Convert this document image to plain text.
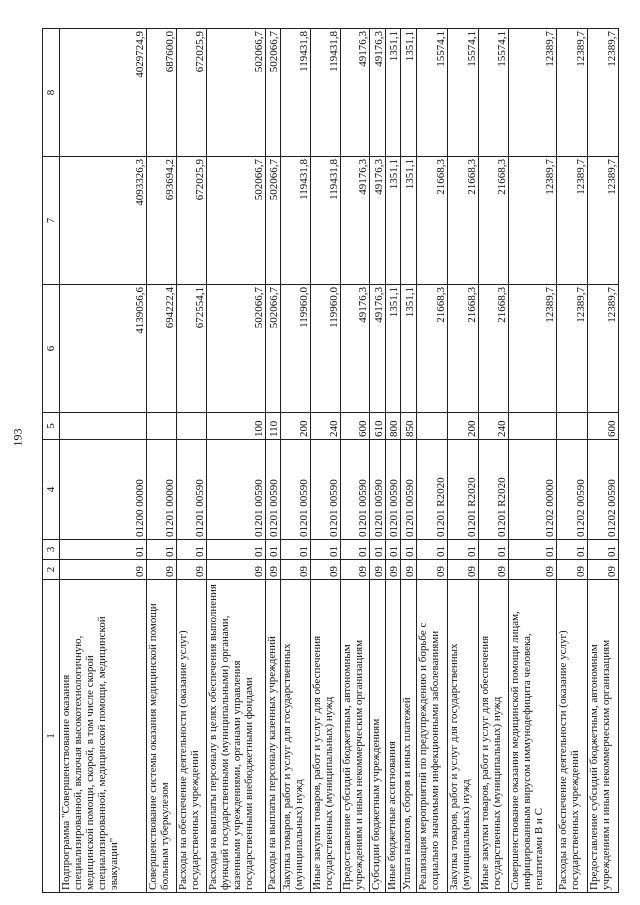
193
1	2	3	4	5	6	7	8
Подпрограмма "Совершенствование оказания специализированной, включая высокотехнологичную, медицинской помощи, скорой, в том числе скорой специализированной, медицинской помощи, медицинской эвакуации"	09	01	01200 00000		4139056,6	4093326,3	4029724,9
Совершенствование системы оказания медицинской помощи больным туберкулезом	09	01	01201 00000		694222,4	693694,2	687600,0
Расходы на обеспечение деятельности (оказание услуг) государственных учреждений	09	01	01201 00590		672554,1	672025,9	672025,9
Расходы на выплаты персоналу в целях обеспечения выполнения функций государственными (муниципальными) органами, казенными учреждениями, органами управления государственными внебюджетными фондами	09	01	01201 00590	100	502066,7	502066,7	502066,7
Расходы на выплаты персоналу казенных учреждений	09	01	01201 00590	110	502066,7	502066,7	502066,7
Закупка товаров, работ и услуг для государственных (муниципальных) нужд	09	01	01201 00590	200	119960,0	119431,8	119431,8
Иные закупки товаров, работ и услуг для обеспечения государственных (муниципальных) нужд	09	01	01201 00590	240	119960,0	119431,8	119431,8
Предоставление субсидий бюджетным, автономным учреждениям и иным некоммерческим организациям	09	01	01201 00590	600	49176,3	49176,3	49176,3
Субсидии бюджетным учреждениям	09	01	01201 00590	610	49176,3	49176,3	49176,3
Иные бюджетные ассигнования	09	01	01201 00590	800	1351,1	1351,1	1351,1
Уплата налогов, сборов и иных платежей	09	01	01201 00590	850	1351,1	1351,1	1351,1
Реализация мероприятий по предупреждению и борьбе с социально значимыми инфекционными заболеваниями	09	01	01201 R2020		21668,3	21668,3	15574,1
Закупка товаров, работ и услуг для государственных (муниципальных) нужд	09	01	01201 R2020	200	21668,3	21668,3	15574,1
Иные закупки товаров, работ и услуг для обеспечения государственных (муниципальных) нужд	09	01	01201 R2020	240	21668,3	21668,3	15574,1
Совершенствование оказания медицинской помощи лицам, инфицированным вирусом иммунодефицита человека, гепатитами B и C	09	01	01202 00000		12389,7	12389,7	12389,7
Расходы на обеспечение деятельности (оказание услуг) государственных учреждений	09	01	01202 00590		12389,7	12389,7	12389,7
Предоставление субсидий бюджетным, автономным учреждениям и иным некоммерческим организациям	09	01	01202 00590	600	12389,7	12389,7	12389,7
